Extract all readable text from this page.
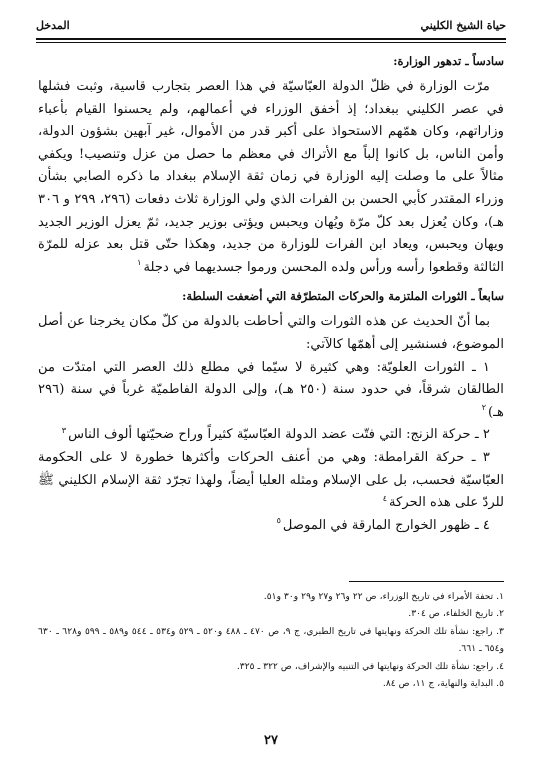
حياة الشيخ الكليني
المدخل
سادساً ـ تدهور الوزارة:

مرّت الوزارة في ظلّ الدولة العبّاسيّة في هذا العصر بتجارب قاسية، وثبت فشلها في عصر الكليني ببغداد؛ إذ أخفق الوزراء في أعمالهم، ولم يحسنوا القيام بأعباء وزاراتهم، وكان همّهم الاستحواذ على أكبر قدر من الأموال، غير آبهين بشؤون الدولة، وأمن الناس، بل كانوا إلباً مع الأتراك في معظم ما حصل من عزل وتنصيب! ويكفي مثالاً على ما وصلت إليه الوزارة في زمان ثقة الإسلام ببغداد ما ذكره الصابي بشأن وزراء المقتدر كأبي الحسن بن الفرات الذي ولي الوزارة ثلاث دفعات (٢٩٦، ٢٩٩ و ٣٠٦ هـ)، وكان يُعزل بعد كلّ مرّة ويُهان ويحبس ويؤتى بوزير جديد، ثمّ يعزل الوزير الجديد ويهان ويحبس، ويعاد ابن الفرات للوزارة من جديد، وهكذا حتّى قتل بعد عزله للمرّة الثالثة وقطعوا رأسه ورأس ولده المحسن ورموا جسديهما في دجلة$^١$

سابعاً ـ الثورات الملتزمة والحركات المتطرّفة التي أضعفت السلطة:

بما أنّ الحديث عن هذه الثورات والتي أحاطت بالدولة من كلّ مكان يخرجنا عن أصل الموضوع، فسنشير إلى أهمّها كالآتي:

١ ـ الثورات العلويّة: وهي كثيرة لا سيّما في مطلع ذلك العصر التي امتدّت من الطالقان شرقاً، في حدود سنة (٢٥٠ هـ)، وإلى الدولة الفاطميّة غرباً في سنة (٢٩٦ هـ)$^٢$

٢ ـ حركة الزنج: التي فتّت عضد الدولة العبّاسيّة كثيراً وراح ضحيّتها ألوف الناس$^٣$

٣ ـ حركة القرامطة: وهي من أعنف الحركات وأكثرها خطورة لا على الحكومة العبّاسيّة فحسب، بل على الإسلام ومثله العليا أيضاً، ولهذا تجرّد ثقة الإسلام الكليني ﷺ للردّ على هذه الحركة$^٤$

٤ ـ ظهور الخوارج المارقة في الموصل$^٥$

١. تحفة الأمراء في تاريخ الوزراء، ص ٢٢ و٢٦ و٢٧ و٢٩ و٣٠ و٥١.

٢. تاريخ الخلفاء، ص ٣٠٤.

٣. راجع: نشأة تلك الحركة ونهايتها في تاريخ الطبري، ج ٩، ص ٤٧٠ ـ ٤٨٨ و٥٢٠ ـ ٥٢٩ و٥٣٤ ـ ٥٤٤ و٥٨٩ ـ ٥٩٩ و٦٢٨ ـ ٦٣٠ و٦٥٤ ـ ٦٦١.

٤. راجع: نشأة تلك الحركة ونهايتها في التنبيه والإشراف، ص ٣٢٢ ـ ٣٢٥.

٥. البداية والنهاية، ج ١١، ص ٨٤.

٢٧
